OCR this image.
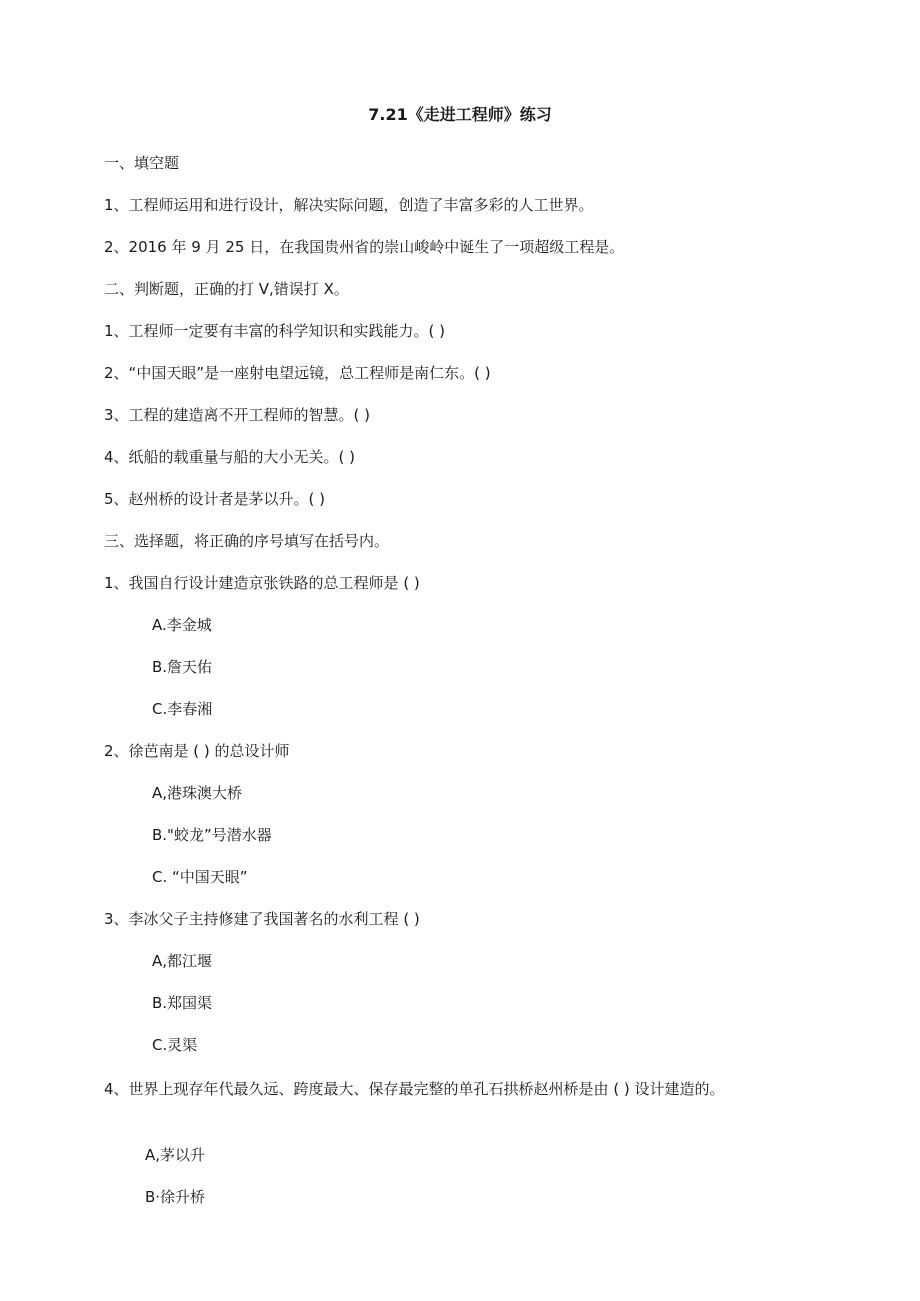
7.21《走进工程师》练习
一、填空题
1、工程师运用和进行设计，解决实际问题，创造了丰富多彩的人工世界。
2、2016 年 9 月 25 日，在我国贵州省的崇山峻岭中诞生了一项超级工程是。
二、判断题，正确的打 V,错误打 X。
1、工程师一定要有丰富的科学知识和实践能力。( )
2、“中国天眼”是一座射电望远镜，总工程师是南仁东。( )
3、工程的建造离不开工程师的智慧。( )
4、纸船的载重量与船的大小无关。( )
5、赵州桥的设计者是茅以升。( )
三、选择题，将正确的序号填写在括号内。
1、我国自行设计建造京张铁路的总工程师是 ( )
A.李金城
B.詹天佑
C.李春湘
2、徐芭南是 ( ) 的总设计师
A,港珠澳大桥
B."蛟龙”号潜水器
C. “中国天眼”
3、李冰父子主持修建了我国著名的水利工程 ( )
A,都江堰
B.郑国渠
C.灵渠
4、世界上现存年代最久远、跨度最大、保存最完整的单孔石拱桥赵州桥是由 ( ) 设计建造的。
A,茅以升
B·徐升桥
